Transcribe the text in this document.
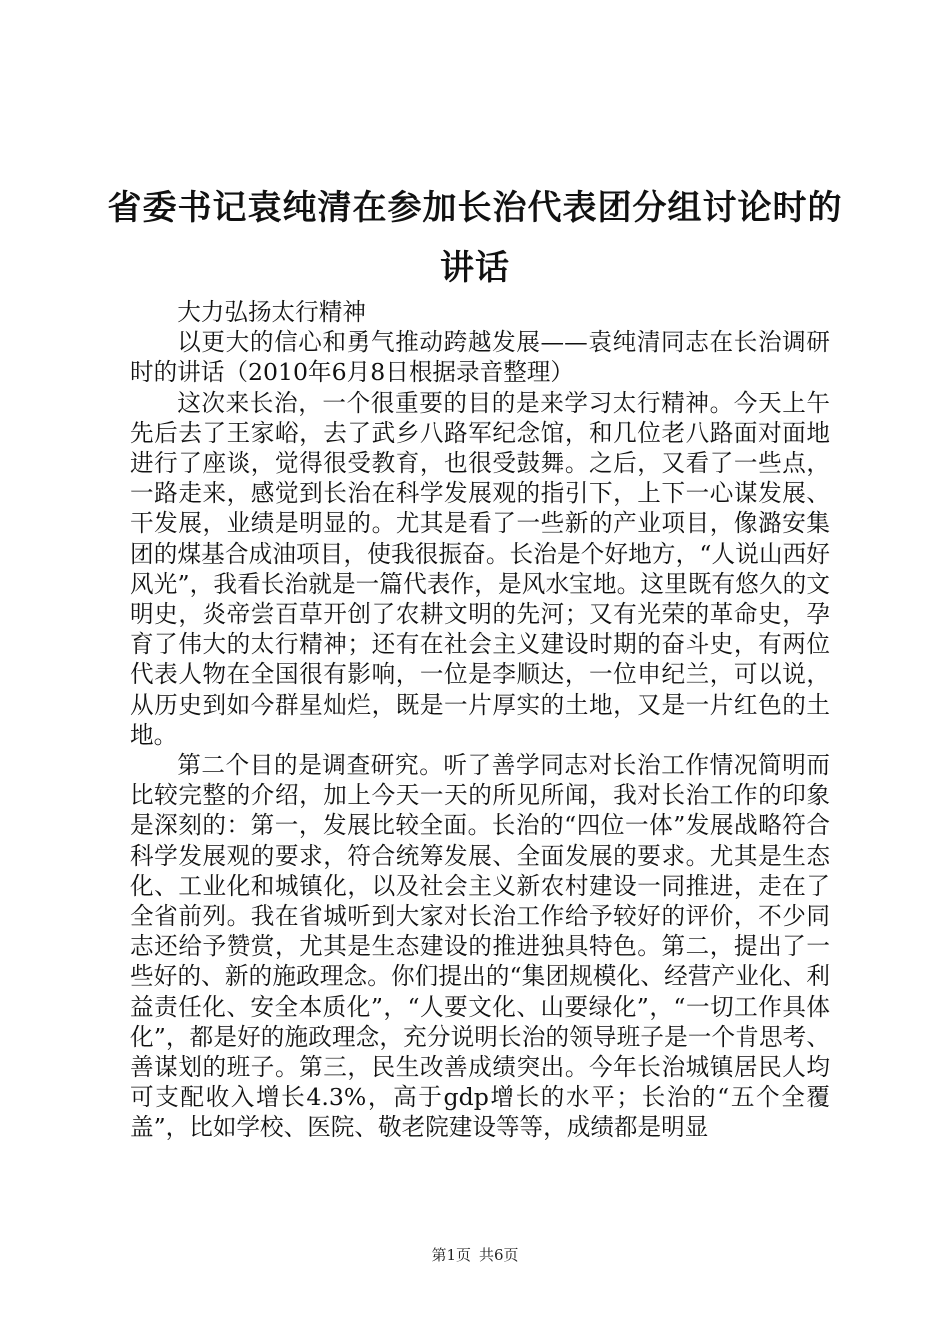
省委书记袁纯清在参加长治代表团分组讨论时的讲话

大力弘扬太行精神

以更大的信心和勇气推动跨越发展——袁纯清同志在长治调研时的讲话（2010年6月8日根据录音整理）

这次来长治，一个很重要的目的是来学习太行精神。今天上午先后去了王家峪，去了武乡八路军纪念馆，和几位老八路面对面地进行了座谈，觉得很受教育，也很受鼓舞。之后，又看了一些点，一路走来，感觉到长治在科学发展观的指引下，上下一心谋发展、干发展，业绩是明显的。尤其是看了一些新的产业项目，像潞安集团的煤基合成油项目，使我很振奋。长治是个好地方，“人说山西好风光”，我看长治就是一篇代表作，是风水宝地。这里既有悠久的文明史，炎帝尝百草开创了农耕文明的先河；又有光荣的革命史，孕育了伟大的太行精神；还有在社会主义建设时期的奋斗史，有两位代表人物在全国很有影响，一位是李顺达，一位申纪兰，可以说，从历史到如今群星灿烂，既是一片厚实的土地，又是一片红色的土地。

第二个目的是调查研究。听了善学同志对长治工作情况简明而比较完整的介绍，加上今天一天的所见所闻，我对长治工作的印象是深刻的：第一，发展比较全面。长治的“四位一体”发展战略符合科学发展观的要求，符合统筹发展、全面发展的要求。尤其是生态化、工业化和城镇化，以及社会主义新农村建设一同推进，走在了全省前列。我在省城听到大家对长治工作给予较好的评价，不少同志还给予赞赏，尤其是生态建设的推进独具特色。第二，提出了一些好的、新的施政理念。你们提出的“集团规模化、经营产业化、利益责任化、安全本质化”，“人要文化、山要绿化”，“一切工作具体化”，都是好的施政理念，充分说明长治的领导班子是一个肯思考、善谋划的班子。第三，民生改善成绩突出。今年长治城镇居民人均可支配收入增长4.3%，高于gdp增长的水平；长治的“五个全覆盖”，比如学校、医院、敬老院建设等等，成绩都是明显

第1页 共6页
